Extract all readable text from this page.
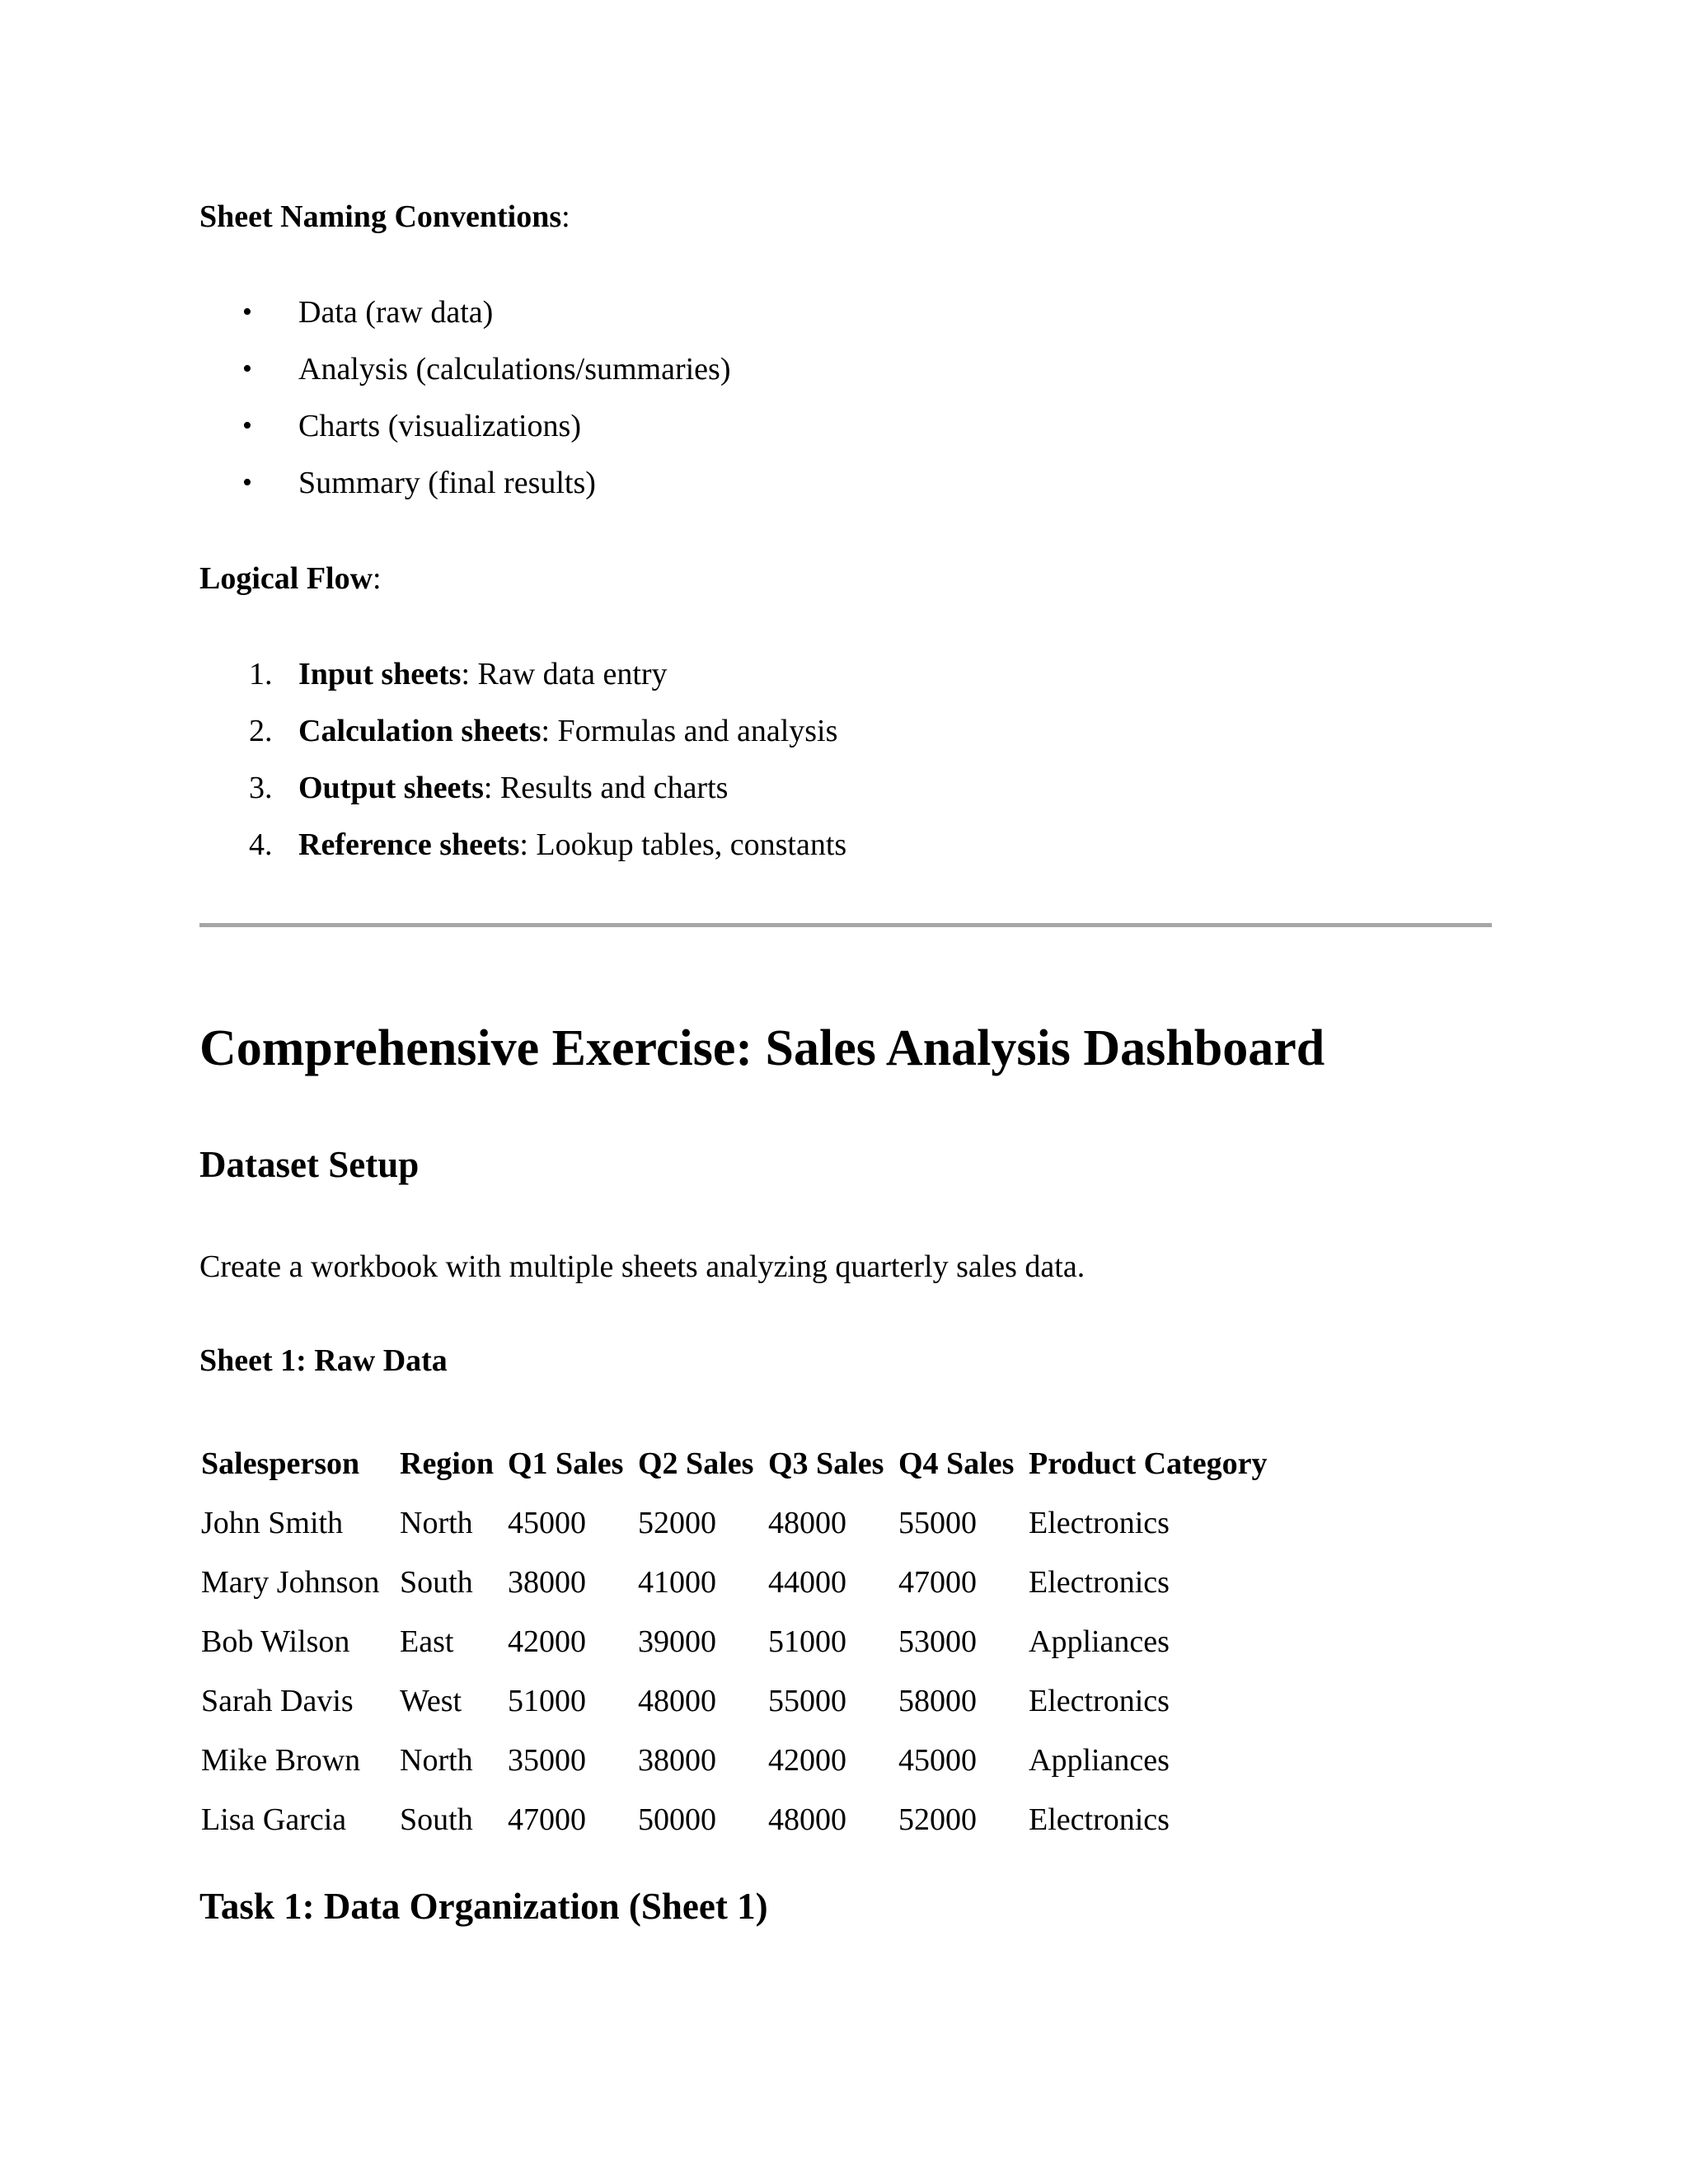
Sheet Naming Conventions:
• Data (raw data)
• Analysis (calculations/summaries)
• Charts (visualizations)
• Summary (final results)
Logical Flow:
1. Input sheets: Raw data entry
2. Calculation sheets: Formulas and analysis
3. Output sheets: Results and charts
4. Reference sheets: Lookup tables, constants
Comprehensive Exercise: Sales Analysis Dashboard
Dataset Setup
Create a workbook with multiple sheets analyzing quarterly sales data.
Sheet 1: Raw Data
Salesperson	Region	Q1 Sales	Q2 Sales	Q3 Sales	Q4 Sales	Product Category
John Smith	North	45000	52000	48000	55000	Electronics
Mary Johnson	South	38000	41000	44000	47000	Electronics
Bob Wilson	East	42000	39000	51000	53000	Appliances
Sarah Davis	West	51000	48000	55000	58000	Electronics
Mike Brown	North	35000	38000	42000	45000	Appliances
Lisa Garcia	South	47000	50000	48000	52000	Electronics
Task 1: Data Organization (Sheet 1)
